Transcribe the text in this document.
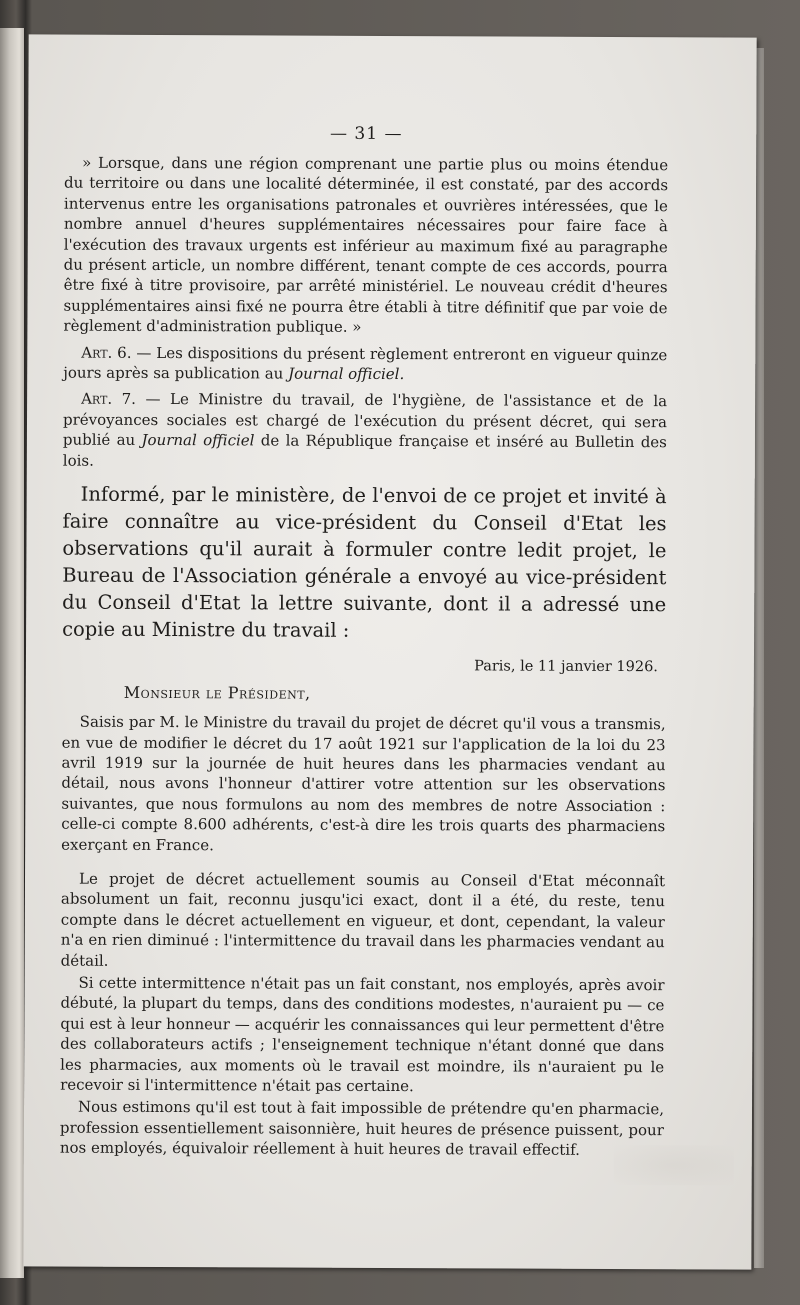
— 31 —

» Lorsque, dans une région comprenant une partie plus ou moins étendue du territoire ou dans une localité déterminée, il est constaté, par des accords intervenus entre les organisations patronales et ouvrières intéressées, que le nombre annuel d'heures supplémentaires nécessaires pour faire face à l'exécution des travaux urgents est inférieur au maximum fixé au paragraphe du présent article, un nombre différent, tenant compte de ces accords, pourra être fixé à titre provisoire, par arrêté ministériel. Le nouveau crédit d'heures supplémentaires ainsi fixé ne pourra être établi à titre définitif que par voie de règlement d'administration publique. »

Art. 6. — Les dispositions du présent règlement entreront en vigueur quinze jours après sa publication au Journal officiel.

Art. 7. — Le Ministre du travail, de l'hygiène, de l'assistance et de la prévoyances sociales est chargé de l'exécution du présent décret, qui sera publié au Journal officiel de la République française et inséré au Bulletin des lois.

Informé, par le ministère, de l'envoi de ce projet et invité à faire connaître au vice-président du Conseil d'Etat les observations qu'il aurait à formuler contre ledit projet, le Bureau de l'Association générale a envoyé au vice-président du Conseil d'Etat la lettre suivante, dont il a adressé une copie au Ministre du travail :

Paris, le 11 janvier 1926.
Monsieur le Président,

Saisis par M. le Ministre du travail du projet de décret qu'il vous a transmis, en vue de modifier le décret du 17 août 1921 sur l'application de la loi du 23 avril 1919 sur la journée de huit heures dans les pharmacies vendant au détail, nous avons l'honneur d'attirer votre attention sur les observations suivantes, que nous formulons au nom des membres de notre Association : celle-ci compte 8.600 adhérents, c'est-à dire les trois quarts des pharmaciens exerçant en France.

Le projet de décret actuellement soumis au Conseil d'Etat méconnaît absolument un fait, reconnu jusqu'ici exact, dont il a été, du reste, tenu compte dans le décret actuellement en vigueur, et dont, cependant, la valeur n'a en rien diminué : l'intermittence du travail dans les pharmacies vendant au détail.

Si cette intermittence n'était pas un fait constant, nos employés, après avoir débuté, la plupart du temps, dans des conditions modestes, n'auraient pu — ce qui est à leur honneur — acquérir les connaissances qui leur permettent d'être des collaborateurs actifs ; l'enseignement technique n'étant donné que dans les pharmacies, aux moments où le travail est moindre, ils n'auraient pu le recevoir si l'intermittence n'était pas certaine.

Nous estimons qu'il est tout à fait impossible de prétendre qu'en pharmacie, profession essentiellement saisonnière, huit heures de présence puissent, pour nos employés, équivaloir réellement à huit heures de travail effectif.
